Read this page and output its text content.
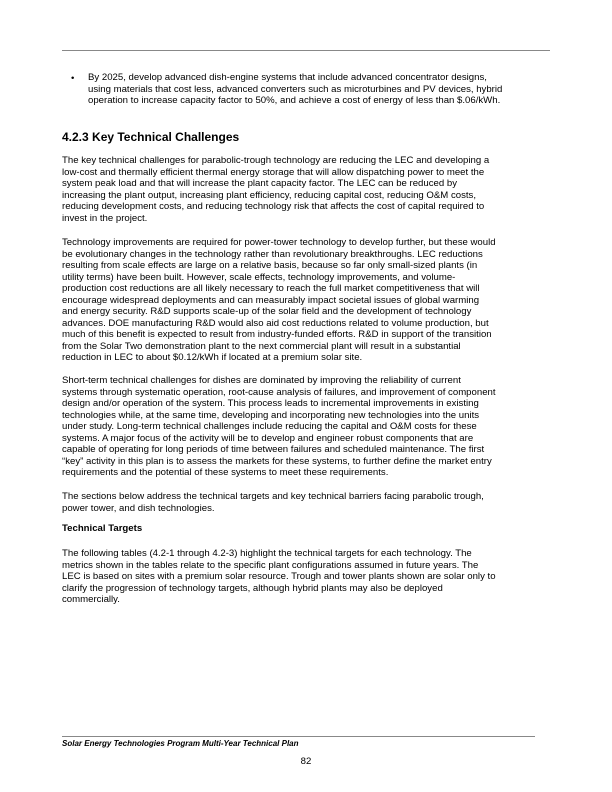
• By 2025, develop advanced dish-engine systems that include advanced concentrator designs,
using materials that cost less, advanced converters such as microturbines and PV devices, hybrid
operation to increase capacity factor to 50%, and achieve a cost of energy of less than $.06/kWh.
4.2.3 Key Technical Challenges
The key technical challenges for parabolic-trough technology are reducing the LEC and developing a
low-cost and thermally efficient thermal energy storage that will allow dispatching power to meet the
system peak load and that will increase the plant capacity factor. The LEC can be reduced by
increasing the plant output, increasing plant efficiency, reducing capital cost, reducing O&M costs,
reducing development costs, and reducing technology risk that affects the cost of capital required to
invest in the project.
Technology improvements are required for power-tower technology to develop further, but these would
be evolutionary changes in the technology rather than revolutionary breakthroughs. LEC reductions
resulting from scale effects are large on a relative basis, because so far only small-sized plants (in
utility terms) have been built. However, scale effects, technology improvements, and volume-
production cost reductions are all likely necessary to reach the full market competitiveness that will
encourage widespread deployments and can measurably impact societal issues of global warming
and energy security. R&D supports scale-up of the solar field and the development of technology
advances. DOE manufacturing R&D would also aid cost reductions related to volume production, but
much of this benefit is expected to result from industry-funded efforts. R&D in support of the transition
from the Solar Two demonstration plant to the next commercial plant will result in a substantial
reduction in LEC to about $0.12/kWh if located at a premium solar site.
Short-term technical challenges for dishes are dominated by improving the reliability of current
systems through systematic operation, root-cause analysis of failures, and improvement of component
design and/or operation of the system. This process leads to incremental improvements in existing
technologies while, at the same time, developing and incorporating new technologies into the units
under study. Long-term technical challenges include reducing the capital and O&M costs for these
systems. A major focus of the activity will be to develop and engineer robust components that are
capable of operating for long periods of time between failures and scheduled maintenance. The first
“key” activity in this plan is to assess the markets for these systems, to further define the market entry
requirements and the potential of these systems to meet these requirements.
The sections below address the technical targets and key technical barriers facing parabolic trough,
power tower, and dish technologies.
Technical Targets
The following tables (4.2-1 through 4.2-3) highlight the technical targets for each technology. The
metrics shown in the tables relate to the specific plant configurations assumed in future years. The
LEC is based on sites with a premium solar resource. Trough and tower plants shown are solar only to
clarify the progression of technology targets, although hybrid plants may also be deployed
commercially.
Solar Energy Technologies Program Multi-Year Technical Plan
82
